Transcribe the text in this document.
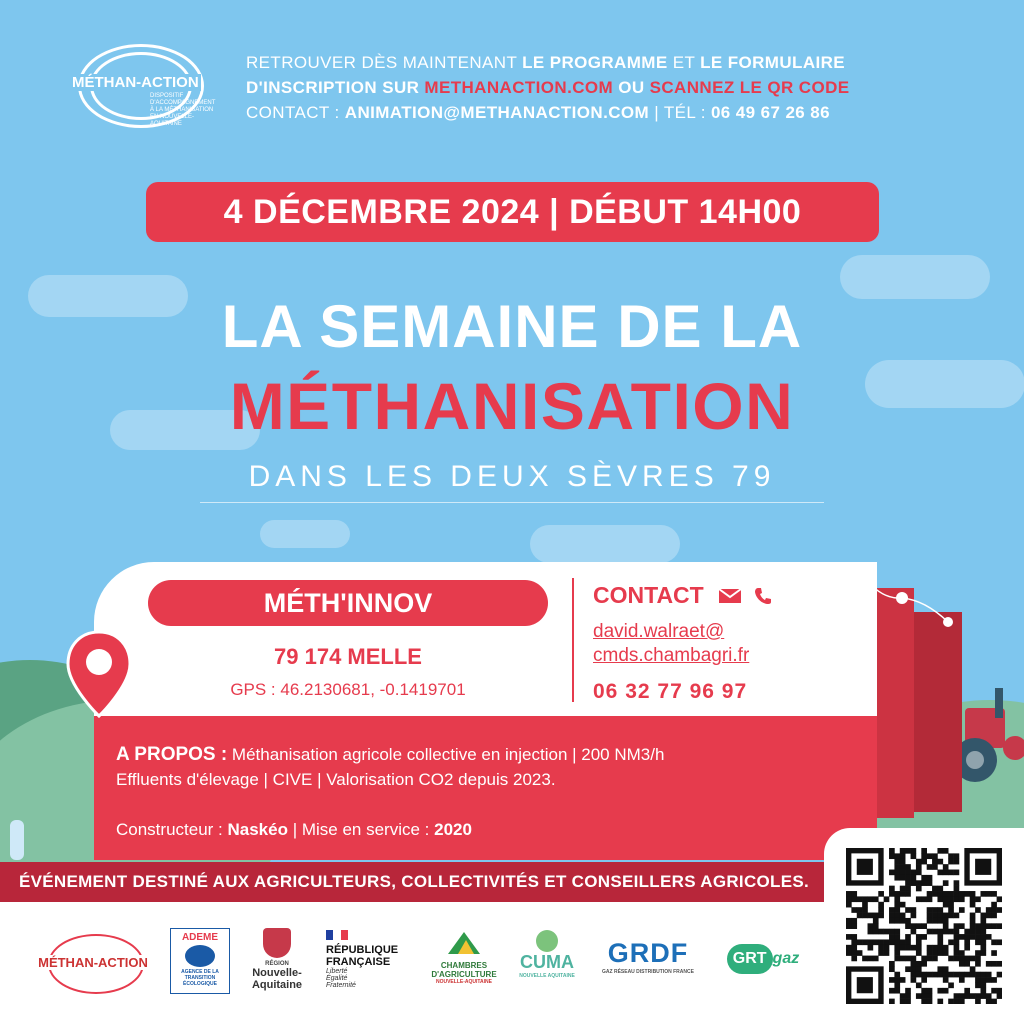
MÉTHAN-ACTION
DISPOSITIF D'ACCOMPAGNEMENT À LA MÉTHANISATION EN NOUVELLE-AQUITAINE
RETROUVER DÈS MAINTENANT LE PROGRAMME ET LE FORMULAIRE
D'INSCRIPTION SUR METHANACTION.COM OU SCANNEZ LE QR CODE
CONTACT : ANIMATION@METHANACTION.COM | TÉL : 06 49 67 26 86
4 DÉCEMBRE 2024 | DÉBUT 14H00
LA SEMAINE DE LA
MÉTHANISATION
DANS LES DEUX SÈVRES 79
MÉTH'INNOV
79 174 MELLE
GPS : 46.2130681, -0.1419701
CONTACT
david.walraet@
cmds.chambagri.fr
06 32 77 96 97
A PROPOS : Méthanisation agricole collective en injection | 200 NM3/h
Effluents d'élevage | CIVE | Valorisation CO2 depuis 2023.
Constructeur : Naskéo | Mise en service : 2020
ÉVÉNEMENT DESTINÉ AUX AGRICULTEURS, COLLECTIVITÉS ET CONSEILLERS AGRICOLES.
MÉTHAN-ACTION
ADEME
AGENCE DE LA TRANSITION ÉCOLOGIQUE
RÉGION
Nouvelle-Aquitaine
RÉPUBLIQUE
FRANÇAISE
Liberté
Égalité
Fraternité
CHAMBRES
D'AGRICULTURE
NOUVELLE-AQUITAINE
CUMA
NOUVELLE AQUITAINE
GRDF
GAZ RÉSEAU DISTRIBUTION FRANCE
GRT gaz
